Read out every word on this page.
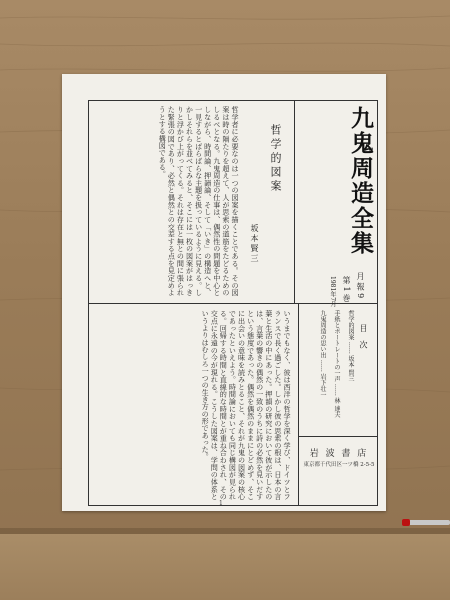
九鬼周造全集
月 報 9
第 1 巻
1981年7月
哲学的図案
坂本賢三

哲学者に必要なのは一つの図案を描くことである。その図案は時の隔たりを超えて、人が思索の道筋をたどるためのしるべとなる。九鬼周造の仕事は、偶然性の問題を中心としながら、時間論、押韻論、そして「いき」の構造へと、一見するとばらばらな主題を扱っているように見える。しかしそれらを並べてみると、そこには一枚の図案がはっきりと浮かび上がってくる。それは存在と無との間に張られた緊張の図であり、必然と偶然との交差する点を見定めようとする構図である。

いうまでもなく、彼は西洋の哲学を深く学び、ドイツとフランスで長く過ごした。しかし彼の思索の根は、日本の言葉と生活の中にあった。押韻の研究において彼が示したのは、言葉の響きの偶然の一致のうちに詩の必然を見いだすという態度であった。偶然を偶然のままにとどめず、そこに出会いの意味を読みとること、それが九鬼の図案の核心であったといえよう。時間論においても同じ構図が見られる。回帰する時間と直線的な時間とが重ね合わされ、その交点に永遠の今が現れる。こうした図案は、学問の体系というよりはむしろ一つの生き方の形であった。	目 次
哲学的図案 …… 坂本 賢三
手紙とポートレートの一声 …… 林 達夫
九鬼周造の思い出 …… 岩下壮一
岩 波 書 店
東京都千代田区一ツ橋 2-5-5
1
